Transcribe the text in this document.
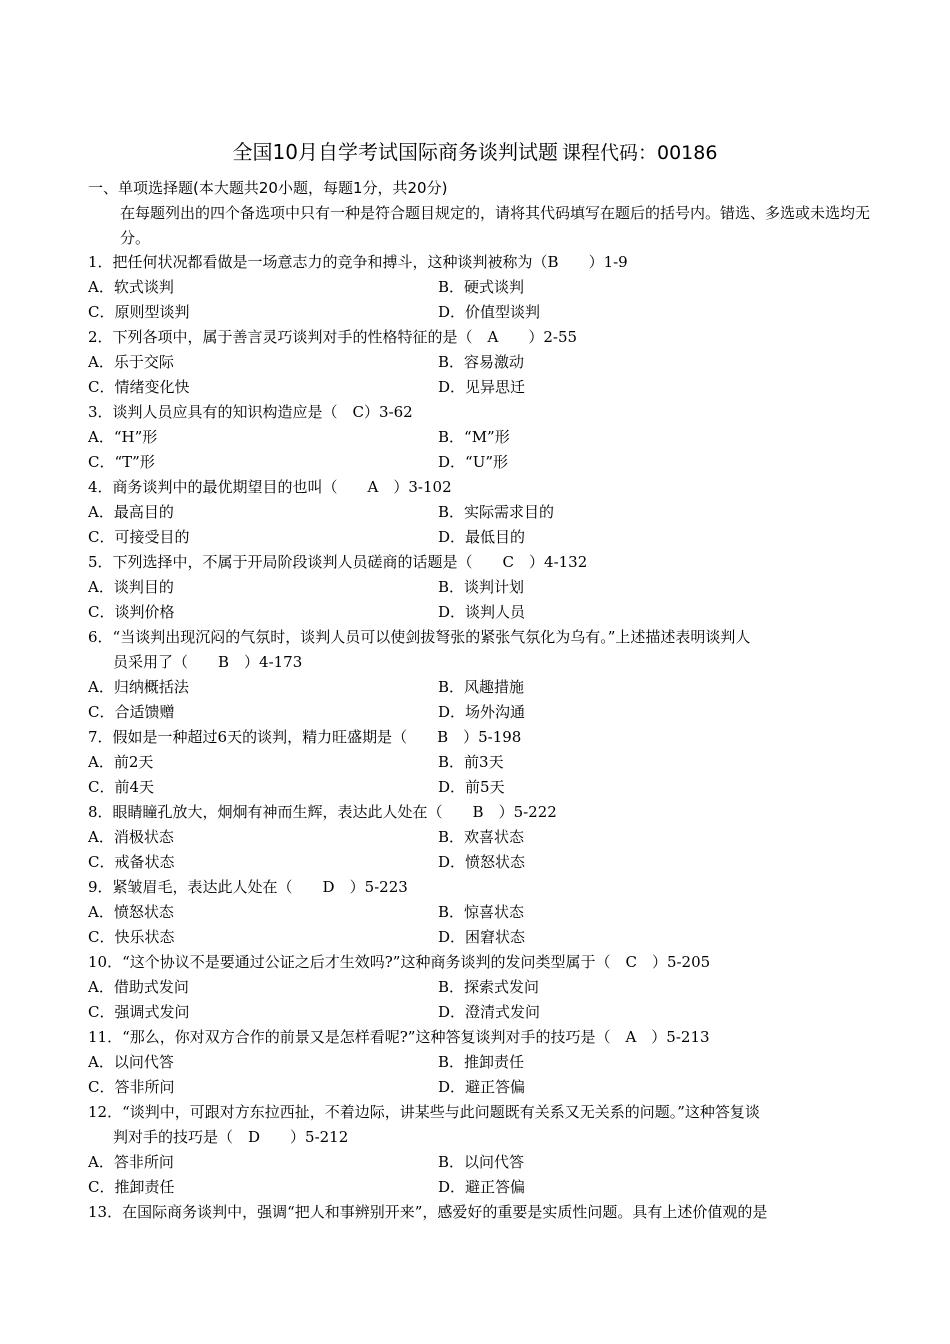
全国10月自学考试国际商务谈判试题 课程代码：00186
一、单项选择题(本大题共20小题，每题1分，共20分)
在每题列出的四个备选项中只有一种是符合题目规定的，请将其代码填写在题后的括号内。错选、多选或未选均无分。
1．把任何状况都看做是一场意志力的竞争和搏斗，这种谈判被称为（B　　）1-9
A．软式谈判	B．硬式谈判
C．原则型谈判	D．价值型谈判
2．下列各项中，属于善言灵巧谈判对手的性格特征的是（　A　　）2-55
A．乐于交际	B．容易激动
C．情绪变化快	D．见异思迁
3．谈判人员应具有的知识构造应是（　C）3-62
A．“H”形	B．“M”形
C．“T”形	D．“U”形
4．商务谈判中的最优期望目的也叫（　　A　）3-102
A．最高目的	B．实际需求目的
C．可接受目的	D．最低目的
5．下列选择中，不属于开局阶段谈判人员磋商的话题是（　　C　）4-132
A．谈判目的	B．谈判计划
C．谈判价格	D．谈判人员
6．“当谈判出现沉闷的气氛时，谈判人员可以使剑拔弩张的紧张气氛化为乌有。”上述描述表明谈判人
员采用了（　　B　）4-173
A．归纳概括法	B．风趣措施
C．合适馈赠	D．场外沟通
7．假如是一种超过6天的谈判，精力旺盛期是（　　B　）5-198
A．前2天	B．前3天
C．前4天	D．前5天
8．眼睛瞳孔放大，炯炯有神而生辉，表达此人处在（　　B　）5-222
A．消极状态	B．欢喜状态
C．戒备状态	D．愤怒状态
9．紧皱眉毛，表达此人处在（　　D　）5-223
A．愤怒状态	B．惊喜状态
C．快乐状态	D．困窘状态
10．“这个协议不是要通过公证之后才生效吗?”这种商务谈判的发问类型属于（　C　）5-205
A．借助式发问	B．探索式发问
C．强调式发问	D．澄清式发问
11．“那么，你对双方合作的前景又是怎样看呢?”这种答复谈判对手的技巧是（　A　）5-213
A．以问代答	B．推卸责任
C．答非所问	D．避正答偏
12．“谈判中，可跟对方东拉西扯，不着边际，讲某些与此问题既有关系又无关系的问题。”这种答复谈
判对手的技巧是（　D　　）5-212
A．答非所问	B．以问代答
C．推卸责任	D．避正答偏
13．在国际商务谈判中，强调“把人和事辨别开来”，感爱好的重要是实质性问题。具有上述价值观的是
